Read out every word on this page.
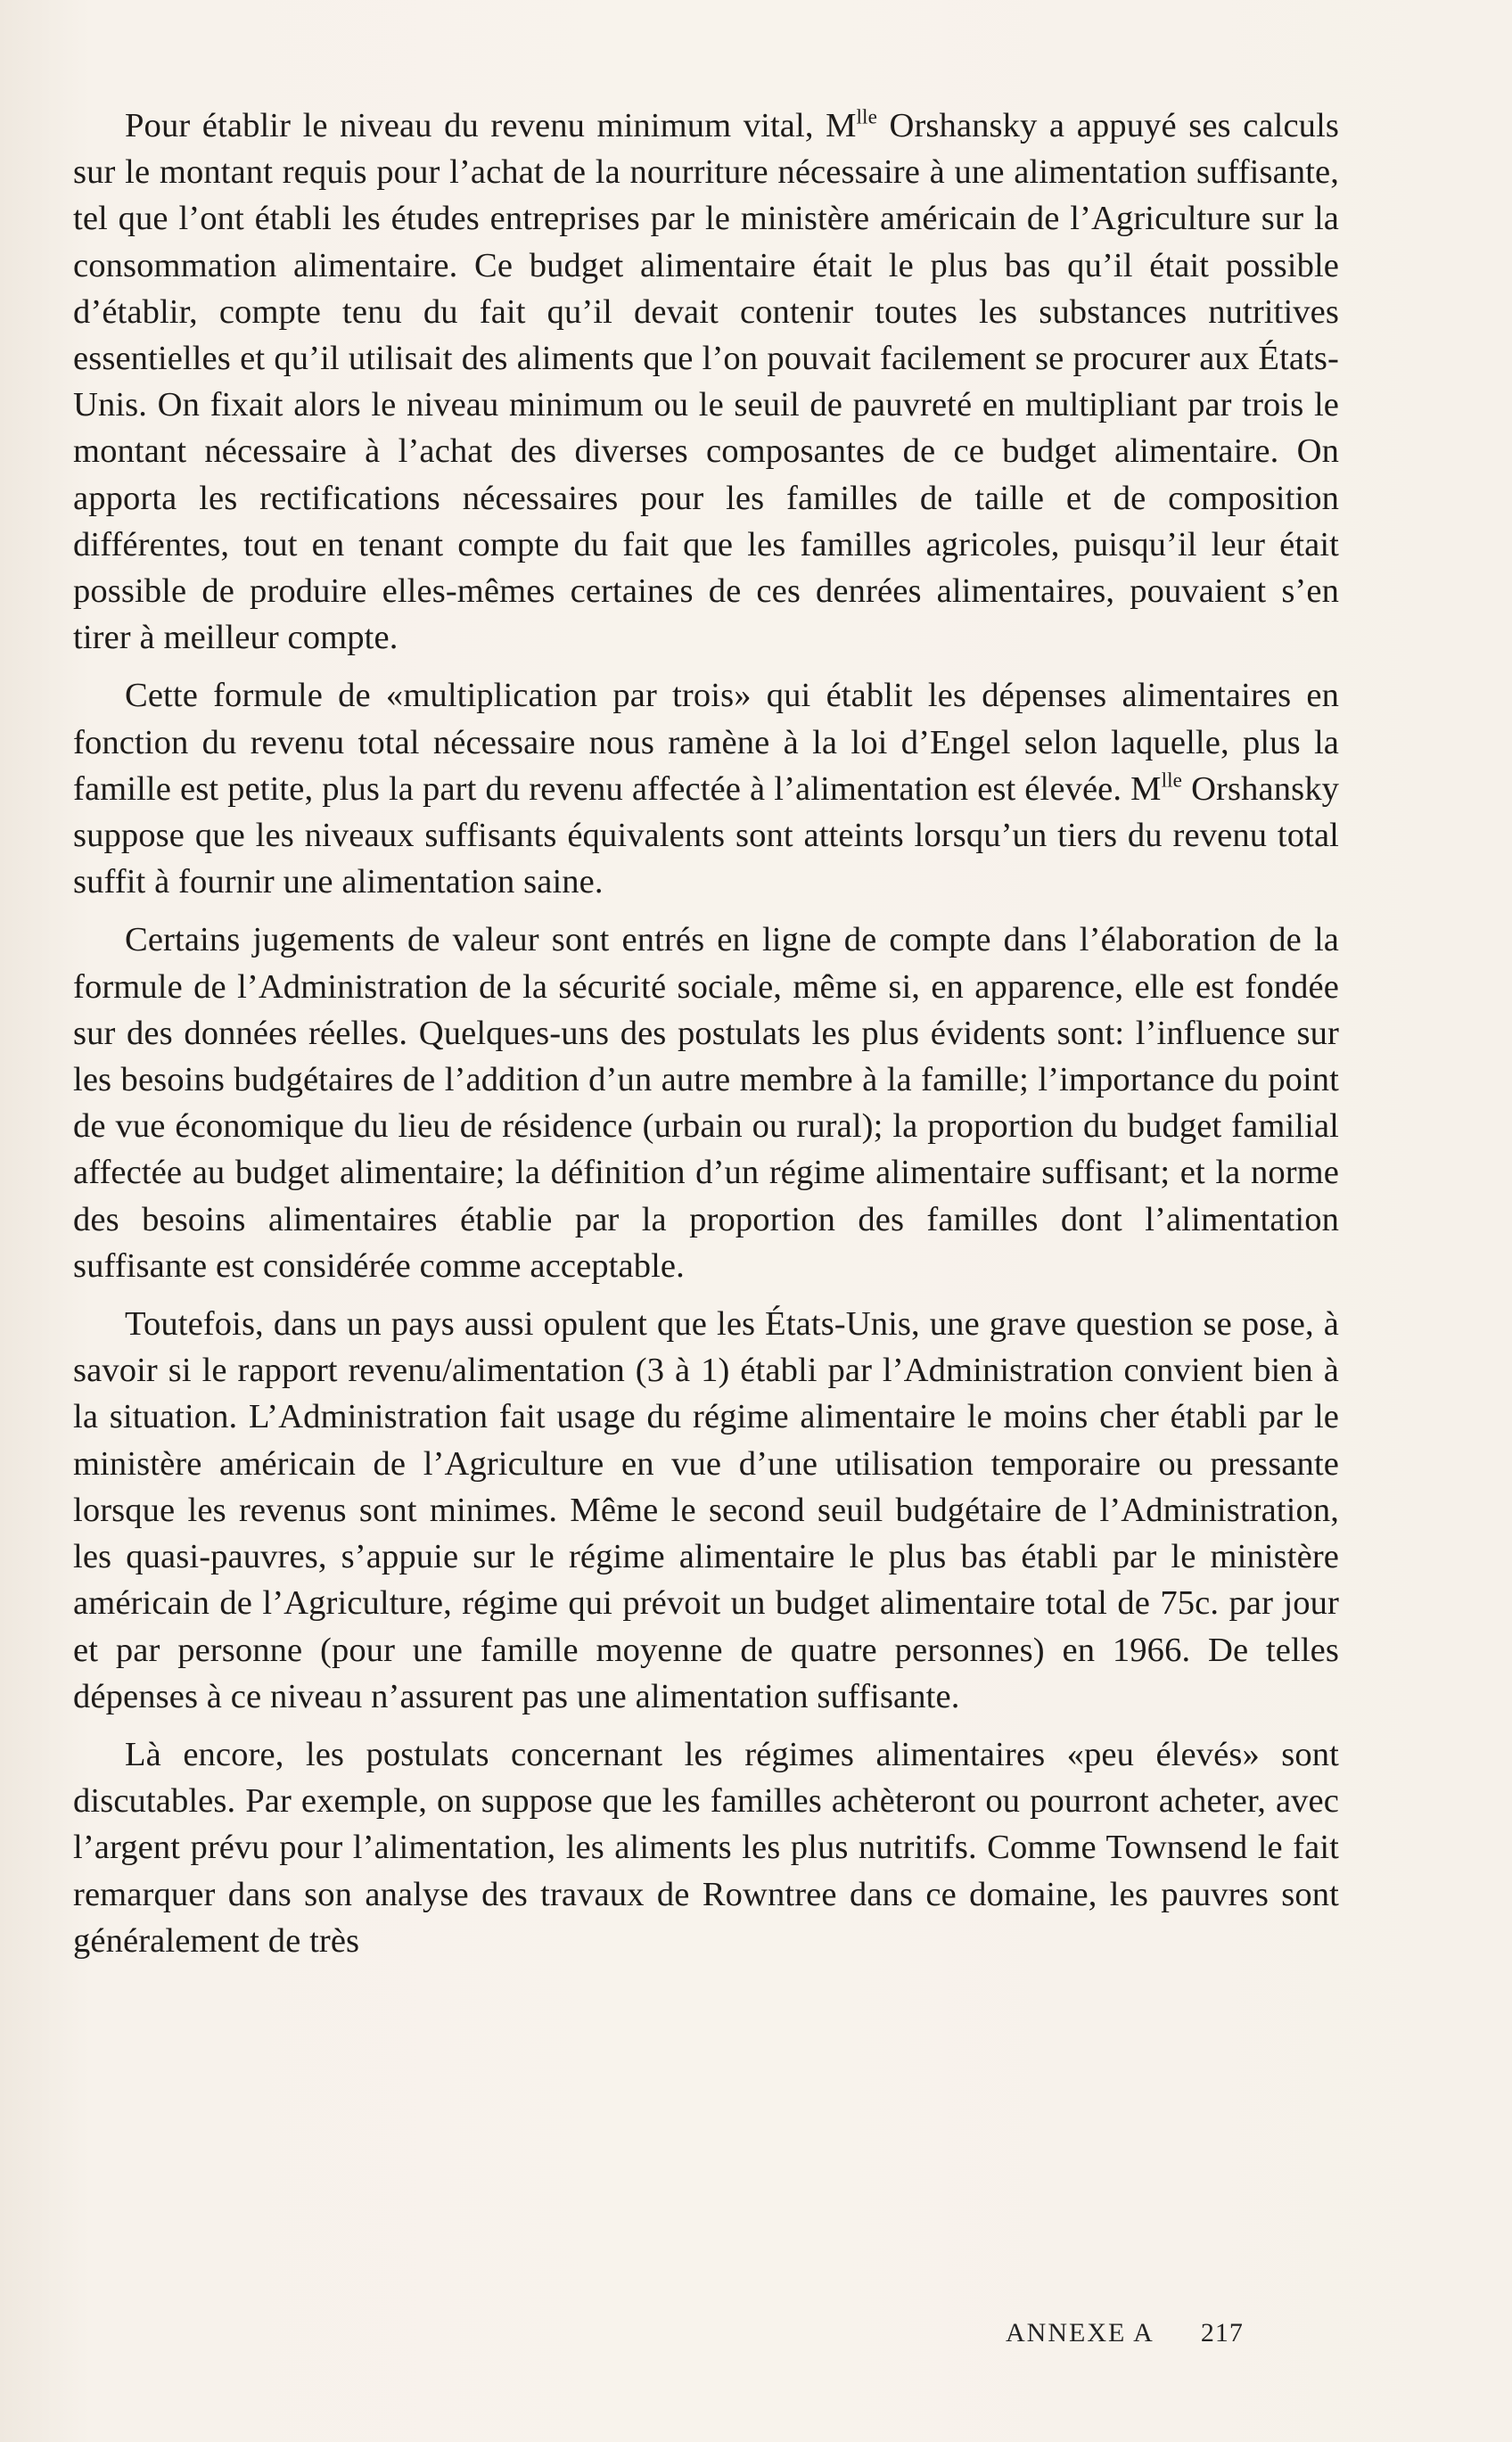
Pour établir le niveau du revenu minimum vital, $M^{lle}$ Orshansky a appuyé ses calculs sur le montant requis pour l’achat de la nourriture nécessaire à une alimentation suffisante, tel que l’ont établi les études entreprises par le ministère américain de l’Agriculture sur la consommation alimentaire. Ce budget alimentaire était le plus bas qu’il était possible d’établir, compte tenu du fait qu’il devait contenir toutes les substances nutritives essentielles et qu’il utilisait des aliments que l’on pouvait facilement se procurer aux États-Unis. On fixait alors le niveau minimum ou le seuil de pauvreté en multipliant par trois le montant nécessaire à l’achat des diverses composantes de ce budget alimentaire. On apporta les rectifications nécessaires pour les familles de taille et de composition différentes, tout en tenant compte du fait que les familles agricoles, puisqu’il leur était possible de produire elles-mêmes certaines de ces denrées alimentaires, pouvaient s’en tirer à meilleur compte.

Cette formule de «multiplication par trois» qui établit les dépenses alimentaires en fonction du revenu total nécessaire nous ramène à la loi d’Engel selon laquelle, plus la famille est petite, plus la part du revenu affectée à l’alimentation est élevée. $M^{lle}$ Orshansky suppose que les niveaux suffisants équivalents sont atteints lorsqu’un tiers du revenu total suffit à fournir une alimentation saine.

Certains jugements de valeur sont entrés en ligne de compte dans l’élaboration de la formule de l’Administration de la sécurité sociale, même si, en apparence, elle est fondée sur des données réelles. Quelques-uns des postulats les plus évidents sont: l’influence sur les besoins budgétaires de l’addition d’un autre membre à la famille; l’importance du point de vue économique du lieu de résidence (urbain ou rural); la proportion du budget familial affectée au budget alimentaire; la définition d’un régime alimentaire suffisant; et la norme des besoins alimentaires établie par la proportion des familles dont l’alimentation suffisante est considérée comme acceptable.

Toutefois, dans un pays aussi opulent que les États-Unis, une grave question se pose, à savoir si le rapport revenu/alimentation (3 à 1) établi par l’Administration convient bien à la situation. L’Administration fait usage du régime alimentaire le moins cher établi par le ministère américain de l’Agriculture en vue d’une utilisation temporaire ou pressante lorsque les revenus sont minimes. Même le second seuil budgétaire de l’Administration, les quasi-pauvres, s’appuie sur le régime alimentaire le plus bas établi par le ministère américain de l’Agriculture, régime qui prévoit un budget alimentaire total de 75c. par jour et par personne (pour une famille moyenne de quatre personnes) en 1966. De telles dépenses à ce niveau n’assurent pas une alimentation suffisante.

Là encore, les postulats concernant les régimes alimentaires «peu élevés» sont discutables. Par exemple, on suppose que les familles achèteront ou pourront acheter, avec l’argent prévu pour l’alimentation, les aliments les plus nutritifs. Comme Townsend le fait remarquer dans son analyse des travaux de Rowntree dans ce domaine, les pauvres sont généralement de très

ANNEXE A 217
